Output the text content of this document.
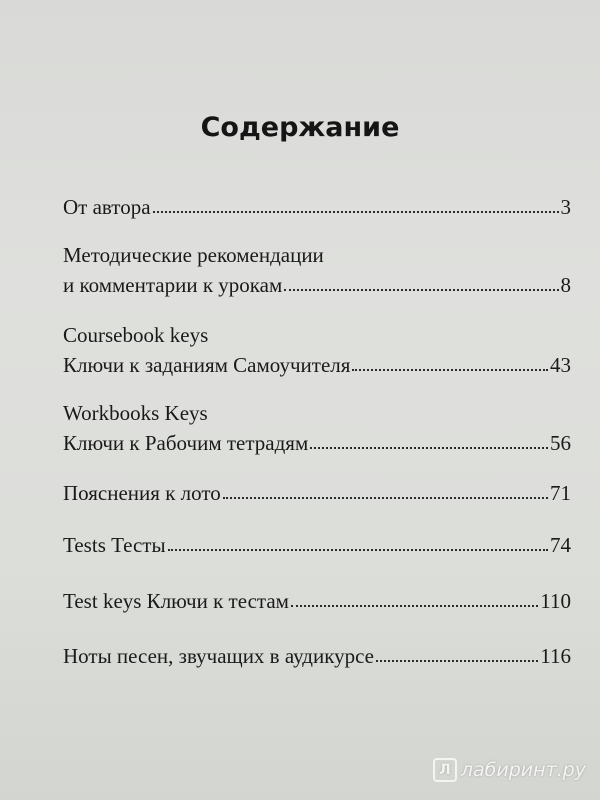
Содержание
От автора	3
Методические рекомендации
и комментарии к урокам	8
Coursebook keys
Ключи к заданиям Самоучителя	43
Workbooks Keys
Ключи к Рабочим тетрадям	56
Пояснения к лото	71
Tests Тесты	74
Test keys Ключи к тестам	110
Ноты песен, звучащих в аудикурсе	116
Л лабиринт.ру
